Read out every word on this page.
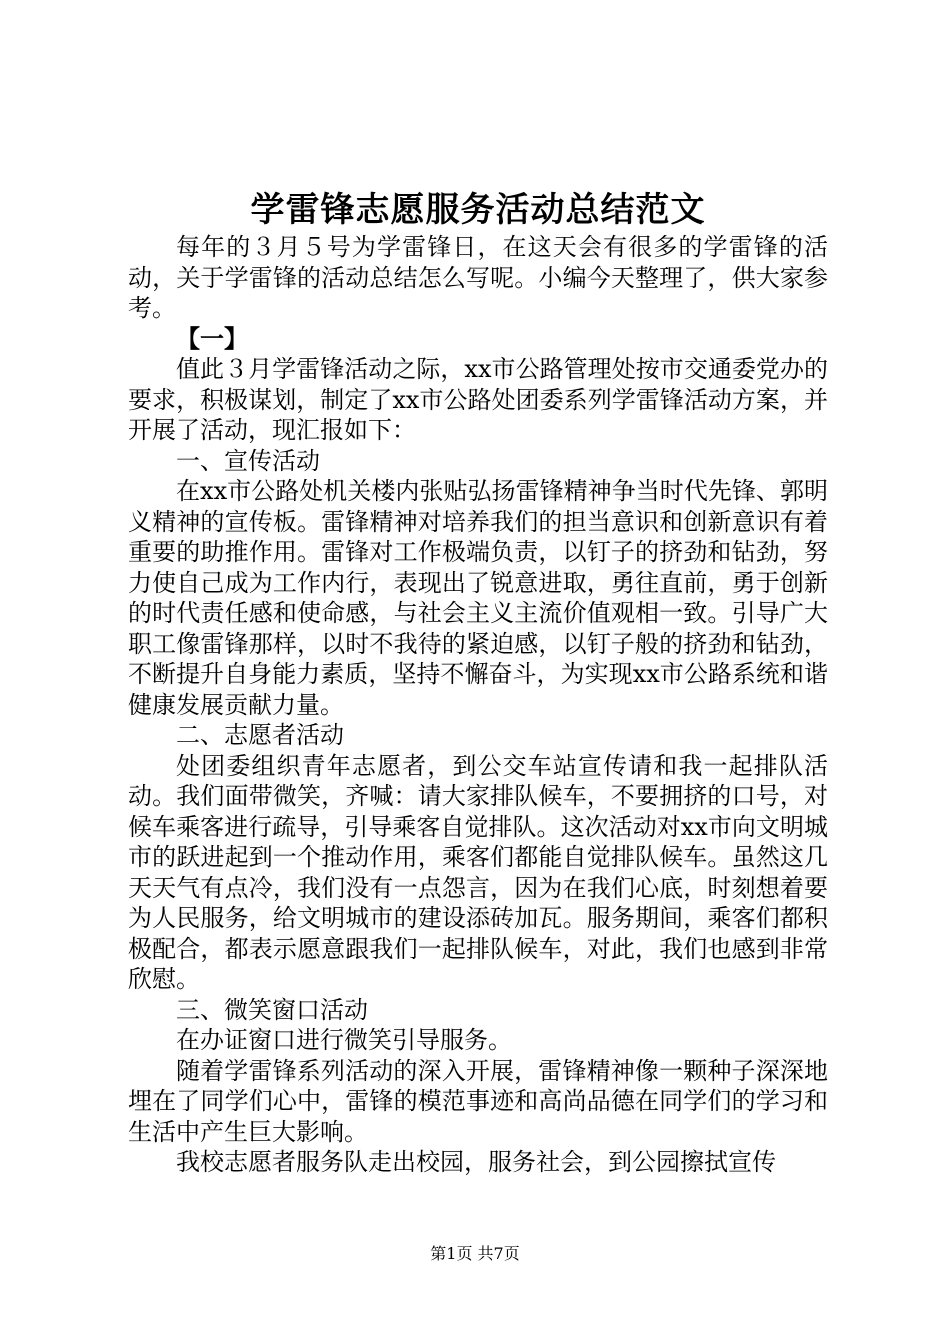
学雷锋志愿服务活动总结范文

每年的３月５号为学雷锋日，在这天会有很多的学雷锋的活动，关于学雷锋的活动总结怎么写呢。小编今天整理了，供大家参考。

【一】

值此３月学雷锋活动之际，xx市公路管理处按市交通委党办的要求，积极谋划，制定了xx市公路处团委系列学雷锋活动方案，并开展了活动，现汇报如下：

一、宣传活动

在xx市公路处机关楼内张贴弘扬雷锋精神争当时代先锋、郭明义精神的宣传板。雷锋精神对培养我们的担当意识和创新意识有着重要的助推作用。雷锋对工作极端负责，以钉子的挤劲和钻劲，努力使自己成为工作内行，表现出了锐意进取，勇往直前，勇于创新的时代责任感和使命感，与社会主义主流价值观相一致。引导广大职工像雷锋那样，以时不我待的紧迫感，以钉子般的挤劲和钻劲，不断提升自身能力素质，坚持不懈奋斗，为实现xx市公路系统和谐健康发展贡献力量。

二、志愿者活动

处团委组织青年志愿者，到公交车站宣传请和我一起排队活动。我们面带微笑，齐喊：请大家排队候车，不要拥挤的口号，对候车乘客进行疏导，引导乘客自觉排队。这次活动对xx市向文明城市的跃进起到一个推动作用，乘客们都能自觉排队候车。虽然这几天天气有点冷，我们没有一点怨言，因为在我们心底，时刻想着要为人民服务，给文明城市的建设添砖加瓦。服务期间，乘客们都积极配合，都表示愿意跟我们一起排队候车，对此，我们也感到非常欣慰。

三、微笑窗口活动

在办证窗口进行微笑引导服务。

随着学雷锋系列活动的深入开展，雷锋精神像一颗种子深深地埋在了同学们心中，雷锋的模范事迹和高尚品德在同学们的学习和生活中产生巨大影响。

我校志愿者服务队走出校园，服务社会，到公园擦拭宣传

第1页 共7页
